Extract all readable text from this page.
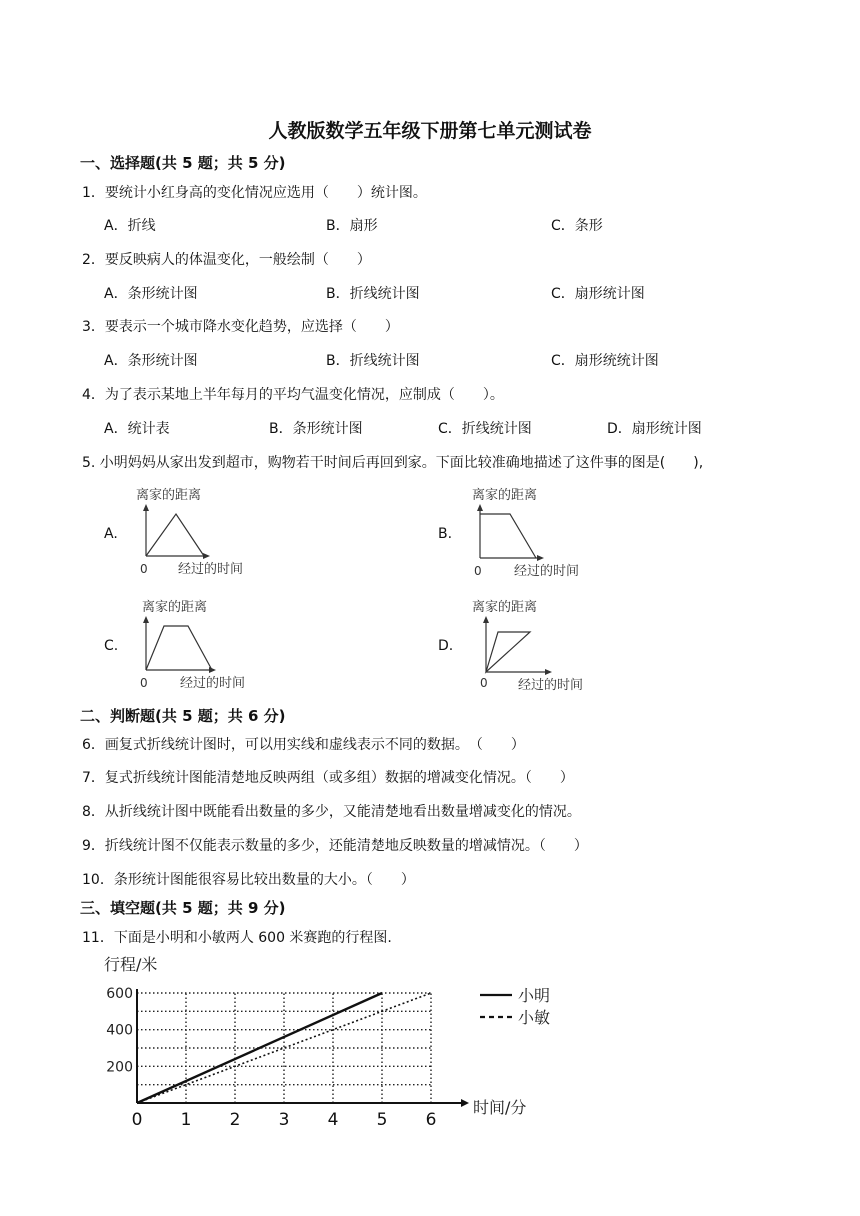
人教版数学五年级下册第七单元测试卷
一、选择题(共 5 题；共 5 分)
1．要统计小红身高的变化情况应选用（　　）统计图。
A．折线	B．扇形	C．条形
2．要反映病人的体温变化，一般绘制（　　）
A．条形统计图	B．折线统计图	C．扇形统计图
3．要表示一个城市降水变化趋势，应选择（　　）
A．条形统计图	B．折线统计图	C．扇形统统计图
4．为了表示某地上半年每月的平均气温变化情况，应制成（　　）。
A．统计表	B．条形统计图	C．折线统计图	D．扇形统计图
5. 小明妈妈从家出发到超市，购物若干时间后再回到家。下面比较准确地描述了这件事的图是(　　),
A.	B.
C.	D.
离家的距离
0 经过的时间
离家的距离
0 经过的时间
离家的距离
0 经过的时间
离家的距离
0 经过的时间
二、判断题(共 5 题；共 6 分)
6．画复式折线统计图时，可以用实线和虚线表示不同的数据。　（　　）
7．复式折线统计图能清楚地反映两组（或多组）数据的增减变化情况。（　　）
8．从折线统计图中既能看出数量的多少，又能清楚地看出数量增减变化的情况。
9．折线统计图不仅能表示数量的多少，还能清楚地反映数量的增减情况。（　　）
10．条形统计图能很容易比较出数量的大小。（　　）
三、填空题(共 5 题；共 9 分)
11．下面是小明和小敏两人 600 米赛跑的行程图.
行程/米
时间/分
0 1 2 3 4 5 6
200
400
600	小明
小敏
